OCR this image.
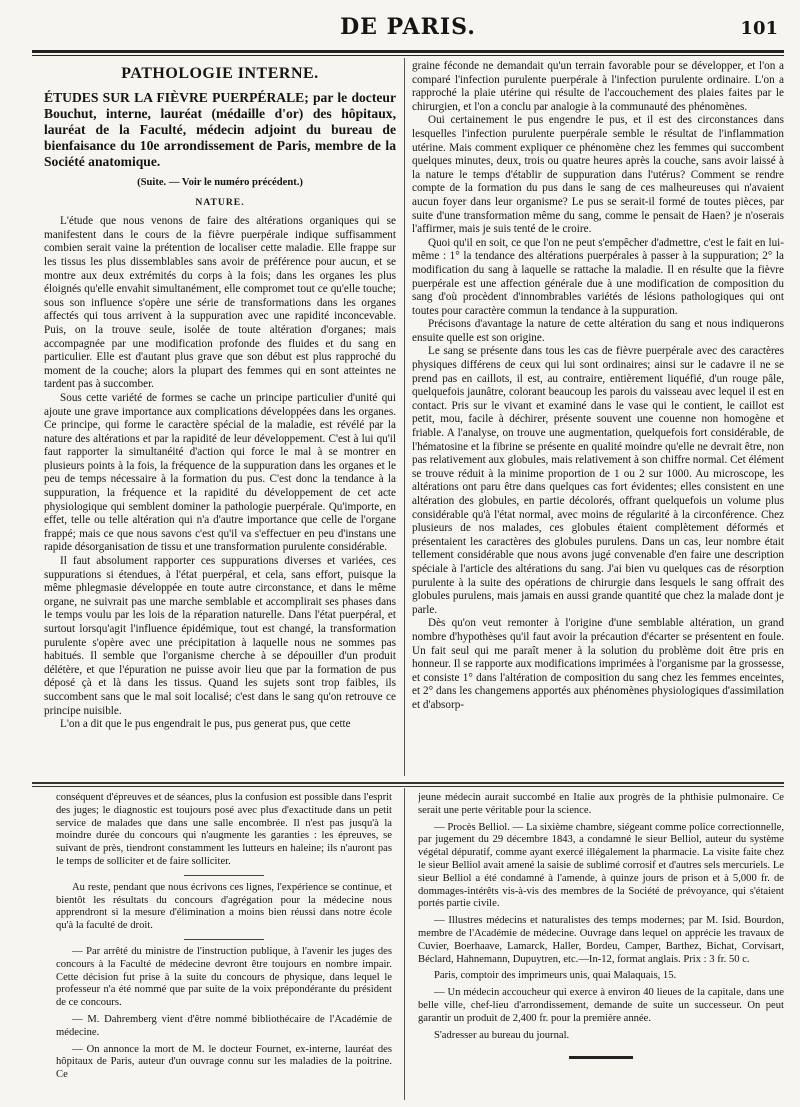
DE PARIS.	101
PATHOLOGIE INTERNE.
ÉTUDES SUR LA FIÈVRE PUERPÉRALE; par le docteur Bouchut, interne, lauréat (médaille d'or) des hôpitaux, lauréat de la Faculté, médecin adjoint du bureau de bienfaisance du 10e arrondissement de Paris, membre de la Société anatomique.
(Suite. — Voir le numéro précédent.)
NATURE.

L'étude que nous venons de faire des altérations organiques qui se manifestent dans le cours de la fièvre puerpérale indique suffisamment combien serait vaine la prétention de localiser cette maladie. Elle frappe sur les tissus les plus dissemblables sans avoir de préférence pour aucun, et se montre aux deux extrémités du corps à la fois; dans les organes les plus éloignés qu'elle envahit simultanément, elle compromet tout ce qu'elle touche; sous son influence s'opère une série de transformations dans les organes affectés qui tous arrivent à la suppuration avec une rapidité inconcevable. Puis, on la trouve seule, isolée de toute altération d'organes; mais accompagnée par une modification profonde des fluides et du sang en particulier. Elle est d'autant plus grave que son début est plus rapproché du moment de la couche; alors la plupart des femmes qui en sont atteintes ne tardent pas à succomber.

Sous cette variété de formes se cache un principe particulier d'unité qui ajoute une grave importance aux complications développées dans les organes. Ce principe, qui forme le caractère spécial de la maladie, est révélé par la nature des altérations et par la rapidité de leur développement. C'est à lui qu'il faut rapporter la simultanéité d'action qui force le mal à se montrer en plusieurs points à la fois, la fréquence de la suppuration dans les organes et le peu de temps nécessaire à la formation du pus. C'est donc la tendance à la suppuration, la fréquence et la rapidité du développement de cet acte physiologique qui semblent dominer la pathologie puerpérale. Qu'importe, en effet, telle ou telle altération qui n'a d'autre importance que celle de l'organe frappé; mais ce que nous savons c'est qu'il va s'effectuer en peu d'instans une rapide désorganisation de tissu et une transformation purulente considérable.

Il faut absolument rapporter ces suppurations diverses et variées, ces suppurations si étendues, à l'état puerpéral, et cela, sans effort, puisque la même phlegmasie développée en toute autre circonstance, et dans le même organe, ne suivrait pas une marche semblable et accomplirait ses phases dans le temps voulu par les lois de la réparation naturelle. Dans l'état puerpéral, et surtout lorsqu'agit l'influence épidémique, tout est changé, la transformation purulente s'opère avec une précipitation à laquelle nous ne sommes pas habitués. Il semble que l'organisme cherche à se dépouiller d'un produit délétère, et que l'épuration ne puisse avoir lieu que par la formation de pus déposé çà et là dans les tissus. Quand les sujets sont trop faibles, ils succombent sans que le mal soit localisé; c'est dans le sang qu'on retrouve ce principe nuisible.

L'on a dit que le pus engendrait le pus, pus generat pus, que cette

graine féconde ne demandait qu'un terrain favorable pour se développer, et l'on a comparé l'infection purulente puerpérale à l'infection purulente ordinaire. L'on a rapproché la plaie utérine qui résulte de l'accouchement des plaies faites par le chirurgien, et l'on a conclu par analogie à la communauté des phénomènes.

Oui certainement le pus engendre le pus, et il est des circonstances dans lesquelles l'infection purulente puerpérale semble le résultat de l'inflammation utérine. Mais comment expliquer ce phénomène chez les femmes qui succombent quelques minutes, deux, trois ou quatre heures après la couche, sans avoir laissé à la nature le temps d'établir de suppuration dans l'utérus? Comment se rendre compte de la formation du pus dans le sang de ces malheureuses qui n'avaient aucun foyer dans leur organisme? Le pus se serait-il formé de toutes pièces, par suite d'une transformation même du sang, comme le pensait de Haen? je n'oserais l'affirmer, mais je suis tenté de le croire.

Quoi qu'il en soit, ce que l'on ne peut s'empêcher d'admettre, c'est le fait en lui-même : 1° la tendance des altérations puerpérales à passer à la suppuration; 2° la modification du sang à laquelle se rattache la maladie. Il en résulte que la fièvre puerpérale est une affection générale due à une modification de composition du sang d'où procèdent d'innombrables variétés de lésions pathologiques qui ont toutes pour caractère commun la tendance à la suppuration.

Précisons d'avantage la nature de cette altération du sang et nous indiquerons ensuite quelle est son origine.

Le sang se présente dans tous les cas de fièvre puerpérale avec des caractères physiques différens de ceux qui lui sont ordinaires; ainsi sur le cadavre il ne se prend pas en caillots, il est, au contraire, entièrement liquéfié, d'un rouge pâle, quelquefois jaunâtre, colorant beaucoup les parois du vaisseau avec lequel il est en contact. Pris sur le vivant et examiné dans le vase qui le contient, le caillot est petit, mou, facile à déchirer, présente souvent une couenne non homogène et friable. A l'analyse, on trouve une augmentation, quelquefois fort considérable, de l'hématosine et la fibrine se présente en qualité moindre qu'elle ne devrait être, non pas relativement aux globules, mais relativement à son chiffre normal. Cet élément se trouve réduit à la minime proportion de 1 ou 2 sur 1000. Au microscope, les altérations ont paru être dans quelques cas fort évidentes; elles consistent en une altération des globules, en partie décolorés, offrant quelquefois un volume plus considérable qu'à l'état normal, avec moins de régularité à la circonférence. Chez plusieurs de nos malades, ces globules étaient complètement déformés et présentaient les caractères des globules purulens. Dans un cas, leur nombre était tellement considérable que nous avons jugé convenable d'en faire une description spéciale à l'article des altérations du sang. J'ai bien vu quelques cas de résorption purulente à la suite des opérations de chirurgie dans lesquels le sang offrait des globules purulens, mais jamais en aussi grande quantité que chez la malade dont je parle.

Dès qu'on veut remonter à l'origine d'une semblable altération, un grand nombre d'hypothèses qu'il faut avoir la précaution d'écarter se présentent en foule. Un fait seul qui me paraît mener à la solution du problème doit être pris en honneur. Il se rapporte aux modifications imprimées à l'organisme par la grossesse, et consiste 1° dans l'altération de composition du sang chez les femmes enceintes, et 2° dans les changemens apportés aux phénomènes physiologiques d'assimilation et d'absorp-

conséquent d'épreuves et de séances, plus la confusion est possible dans l'esprit des juges; le diagnostic est toujours posé avec plus d'exactitude dans un petit service de malades que dans une salle encombrée. Il n'est pas jusqu'à la moindre durée du concours qui n'augmente les garanties : les épreuves, se suivant de près, tiendront constamment les lutteurs en haleine; ils n'auront pas le temps de solliciter et de faire solliciter.

Au reste, pendant que nous écrivons ces lignes, l'expérience se continue, et bientôt les résultats du concours d'agrégation pour la médecine nous apprendront si la mesure d'élimination a moins bien réussi dans notre école qu'à la faculté de droit.

— Par arrêté du ministre de l'instruction publique, à l'avenir les juges des concours à la Faculté de médecine devront être toujours en nombre impair. Cette décision fut prise à la suite du concours de physique, dans lequel le professeur n'a été nommé que par suite de la voix prépondérante du président de ce concours.

— M. Dahremberg vient d'être nommé bibliothécaire de l'Académie de médecine.

— On annonce la mort de M. le docteur Fournet, ex-interne, lauréat des hôpitaux de Paris, auteur d'un ouvrage connu sur les maladies de la poitrine. Ce

jeune médecin aurait succombé en Italie aux progrès de la phthisie pulmonaire. Ce serait une perte véritable pour la science.

— Procès Belliol. — La sixième chambre, siégeant comme police correctionnelle, par jugement du 29 décembre 1843, a condamné le sieur Belliol, auteur du système végétal dépuratif, comme ayant exercé illégalement la pharmacie. La visite faite chez le sieur Belliol avait amené la saisie de sublimé corrosif et d'autres sels mercuriels. Le sieur Belliol a été condamné à l'amende, à quinze jours de prison et à 5,000 fr. de dommages-intérêts vis-à-vis des membres de la Société de prévoyance, qui s'étaient portés partie civile.

— Illustres médecins et naturalistes des temps modernes; par M. Isid. Bourdon, membre de l'Académie de médecine. Ouvrage dans lequel on apprécie les travaux de Cuvier, Boerhaave, Lamarck, Haller, Bordeu, Camper, Barthez, Bichat, Corvisart, Béclard, Hahnemann, Dupuytren, etc.—In-12, format anglais. Prix : 3 fr. 50 c.

Paris, comptoir des imprimeurs unis, quai Malaquais, 15.

— Un médecin accoucheur qui exerce à environ 40 lieues de la capitale, dans une belle ville, chef-lieu d'arrondissement, demande de suite un successeur. On peut garantir un produit de 2,400 fr. pour la première année.

S'adresser au bureau du journal.
